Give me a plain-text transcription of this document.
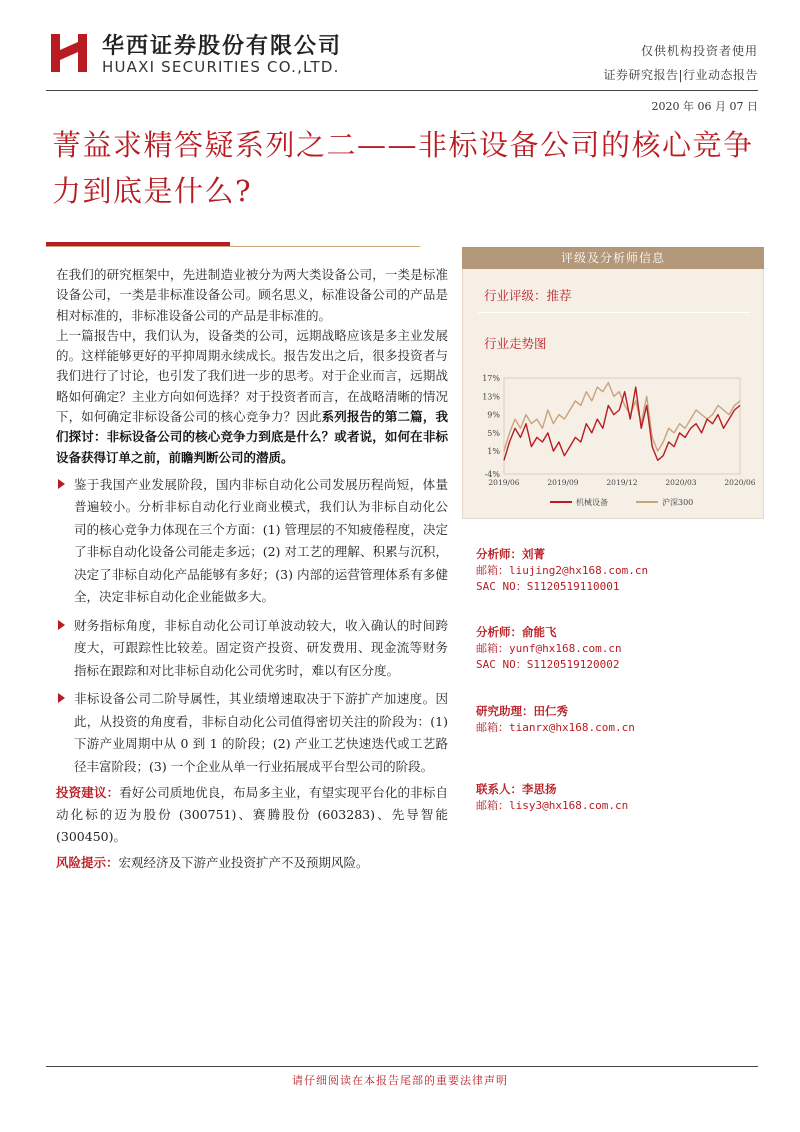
华西证券股份有限公司
HUAXI SECURITIES CO.,LTD.
仅供机构投资者使用
证券研究报告|行业动态报告
2020 年 06 月 07 日
菁益求精答疑系列之二——非标设备公司的核心竞争力到底是什么?

在我们的研究框架中，先进制造业被分为两大类设备公司，一类是标准设备公司，一类是非标准设备公司。顾名思义，标准设备公司的产品是相对标准的，非标准设备公司的产品是非标准的。

上一篇报告中，我们认为，设备类的公司，远期战略应该是多主业发展的。这样能够更好的平抑周期永续成长。报告发出之后，很多投资者与我们进行了讨论，也引发了我们进一步的思考。对于企业而言，远期战略如何确定？主业方向如何选择？对于投资者而言，在战略清晰的情况下，如何确定非标设备公司的核心竞争力？因此系列报告的第二篇，我们探讨：非标设备公司的核心竞争力到底是什么？或者说，如何在非标设备获得订单之前，前瞻判断公司的潜质。

鉴于我国产业发展阶段，国内非标自动化公司发展历程尚短，体量普遍较小。分析非标自动化行业商业模式，我们认为非标自动化公司的核心竞争力体现在三个方面：(1) 管理层的不知疲倦程度，决定了非标自动化设备公司能走多远；(2) 对工艺的理解、积累与沉积，决定了非标自动化产品能够有多好；(3) 内部的运营管理体系有多健全，决定非标自动化企业能做多大。

财务指标角度，非标自动化公司订单波动较大，收入确认的时间跨度大，可跟踪性比较差。固定资产投资、研发费用、现金流等财务指标在跟踪和对比非标自动化公司优劣时，难以有区分度。

非标设备公司二阶导属性，其业绩增速取决于下游扩产加速度。因此，从投资的角度看，非标自动化公司值得密切关注的阶段为：(1) 下游产业周期中从 0 到 1 的阶段；(2) 产业工艺快速迭代或工艺路径丰富阶段；(3) 一个企业从单一行业拓展成平台型公司的阶段。

投资建议：看好公司质地优良，布局多主业，有望实现平台化的非标自动化标的迈为股份 (300751)、赛腾股份 (603283)、先导智能 (300450)。

风险提示：宏观经济及下游产业投资扩产不及预期风险。

评级及分析师信息
行业评级：推荐
行业走势图
17%
13%
9%
5%
1%
-4%
2019/06	2019/09	2019/12	2020/03	2020/06
机械设备	沪深300
分析师：刘菁
邮箱：liujing2@hx168.com.cn
SAC NO：S1120519110001
分析师：俞能飞
邮箱：yunf@hx168.com.cn
SAC NO：S1120519120002
研究助理：田仁秀
邮箱：tianrx@hx168.com.cn
联系人：李思扬
邮箱：lisy3@hx168.com.cn
请仔细阅读在本报告尾部的重要法律声明
